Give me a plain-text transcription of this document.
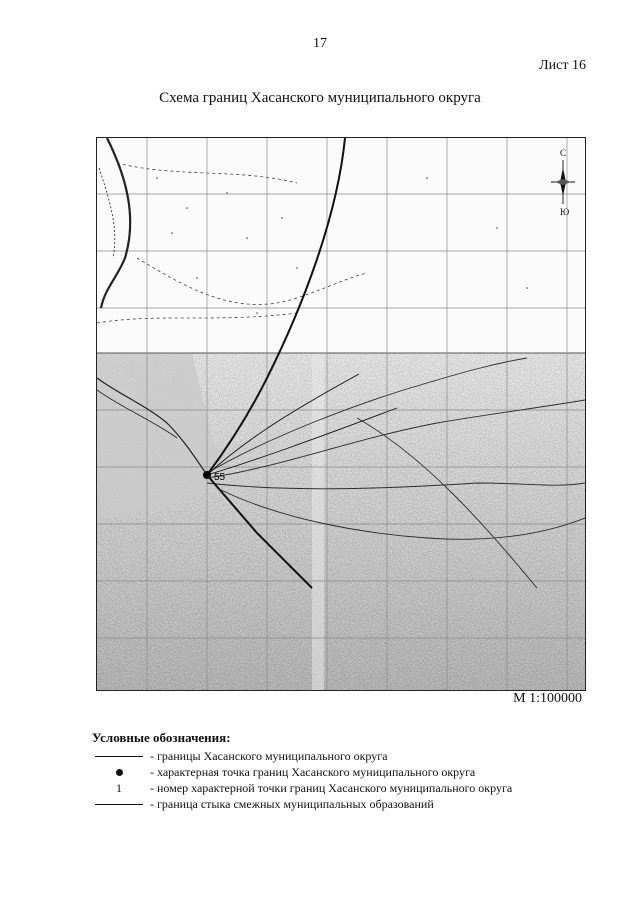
17
Лист 16
Схема границ Хасанского муниципального округа
55
С
Ю
М 1:100000
Условные обозначения:
- границы Хасанского муниципального округа
- характерная точка границ Хасанского муниципального округа
1	- номер характерной точки границ Хасанского муниципального округа
- граница стыка смежных муниципальных образований
